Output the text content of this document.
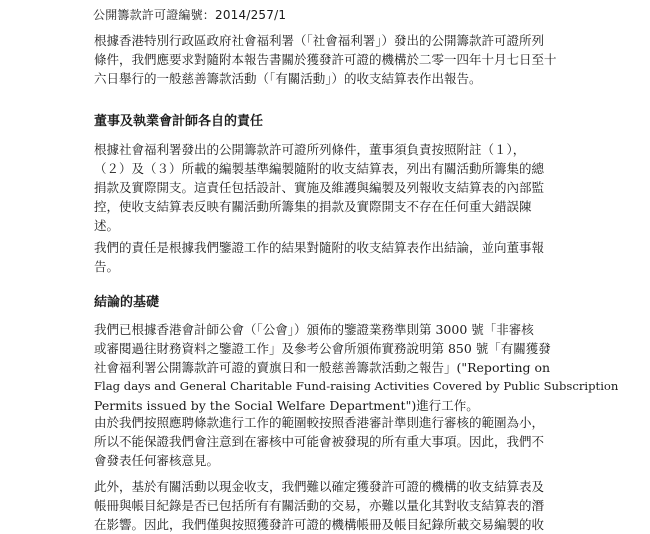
公開籌款許可證編號：2014/257/1
根據香港特別行政區政府社會福利署（「社會福利署」）發出的公開籌款許可證所列
條件，我們應要求對隨附本報告書關於獲發許可證的機構於二零一四年十月七日至十
六日舉行的一般慈善籌款活動（「有關活動」）的收支結算表作出報告。
董事及執業會計師各自的責任
根據社會福利署發出的公開籌款許可證所列條件，董事須負責按照附註（１），
（２）及（３）所載的編製基準編製隨附的收支結算表，列出有關活動所籌集的總
捐款及實際開支。這責任包括設計、實施及維護與編製及列報收支結算表的內部監
控，使收支結算表反映有關活動所籌集的捐款及實際開支不存在任何重大錯誤陳
述。
我們的責任是根據我們鑒證工作的結果對隨附的收支結算表作出結論，並向董事報
告。
結論的基礎
我們已根據香港會計師公會（「公會」）頒佈的鑒證業務準則第 3000 號「非審核
或審閱過往財務資料之鑒證工作」及參考公會所頒佈實務說明第 850 號「有關獲發
社會福利署公開籌款許可證的賣旗日和一般慈善籌款活動之報告」("Reporting on
Flag days and General Charitable Fund-raising Activities Covered by Public Subscription
Permits issued by the Social Welfare Department")進行工作。
由於我們按照應聘條款進行工作的範圍較按照香港審計準則進行審核的範圍為小，
所以不能保證我們會注意到在審核中可能會被發現的所有重大事項。因此，我們不
會發表任何審核意見。
此外，基於有關活動以現金收支，我們難以確定獲發許可證的機構的收支結算表及
帳冊與帳目紀錄是否已包括所有有關活動的交易，亦難以量化其對收支結算表的潛
在影響。因此，我們僅與按照獲發許可證的機構帳冊及帳目紀錄所載交易編製的收
